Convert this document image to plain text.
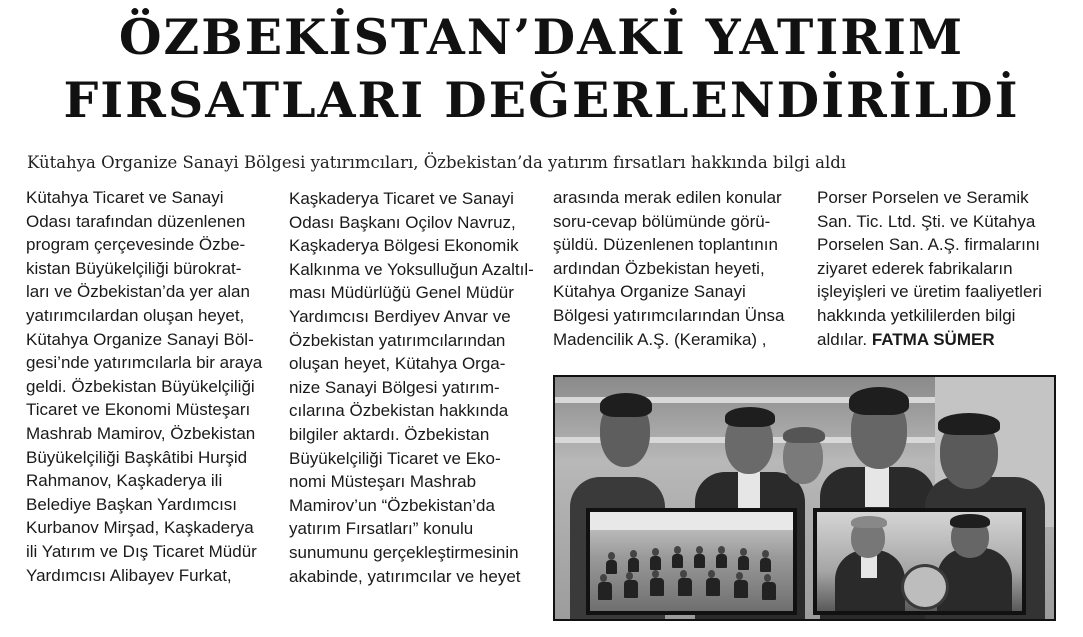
ÖZBEKİSTAN’DAKİ YATIRIM
FIRSATLARI DEĞERLENDİRİLDİ
Kütahya Organize Sanayi Bölgesi yatırımcıları, Özbekistan’da yatırım fırsatları hakkında bilgi aldı
Kütahya Ticaret ve Sanayi
Odası tarafından düzenlenen
program çerçevesinde Özbe-
kistan Büyükelçiliği bürokrat-
ları ve Özbekistan’da yer alan
yatırımcılardan oluşan heyet,
Kütahya Organize Sanayi Böl-
gesi’nde yatırımcılarla bir araya
geldi. Özbekistan Büyükelçiliği
Ticaret ve Ekonomi Müsteşarı
Mashrab Mamirov, Özbekistan
Büyükelçiliği Başkâtibi Hurşid
Rahmanov, Kaşkaderya ili
Belediye Başkan Yardımcısı
Kurbanov Mirşad, Kaşkaderya
ili Yatırım ve Dış Ticaret Müdür
Yardımcısı Alibayev Furkat,
Kaşkaderya Ticaret ve Sanayi
Odası Başkanı Oçilov Navruz,
Kaşkaderya Bölgesi Ekonomik
Kalkınma ve Yoksulluğun Azaltıl-
ması Müdürlüğü Genel Müdür
Yardımcısı Berdiyev Anvar ve
Özbekistan yatırımcılarından
oluşan heyet, Kütahya Orga-
nize Sanayi Bölgesi yatırım-
cılarına Özbekistan hakkında
bilgiler aktardı. Özbekistan
Büyükelçiliği Ticaret ve Eko-
nomi Müsteşarı Mashrab
Mamirov’un “Özbekistan’da
yatırım Fırsatları” konulu
sunumunu gerçekleştirmesinin
akabinde, yatırımcılar ve heyet
arasında merak edilen konular
soru-cevap bölümünde görü-
şüldü. Düzenlenen toplantının
ardından Özbekistan heyeti,
Kütahya Organize Sanayi
Bölgesi yatırımcılarından Ünsa
Madencilik A.Ş. (Keramika) ,
Porser Porselen ve Seramik
San. Tic. Ltd. Şti. ve Kütahya
Porselen San. A.Ş. firmalarını
ziyaret ederek fabrikaların
işleyişleri ve üretim faaliyetleri
hakkında yetkililerden bilgi
aldılar. FATMA SÜMER
